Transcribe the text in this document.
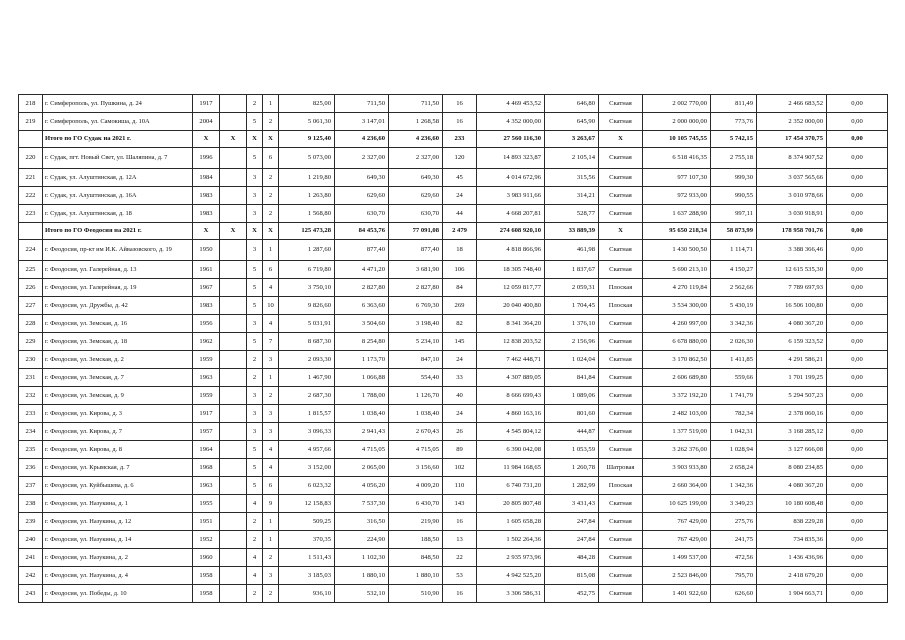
218	г. Симферополь, ул. Пушкина, д. 24	1917		2	1	825,00	711,50	711,50	16	4 469 453,52	646,80	Скатная	2 002 770,00	811,49	2 466 683,52	0,00
219	г. Симферополь, ул. Самокиша, д. 10А	2004		5	2	5 061,30	3 147,01	1 268,58	16	4 352 000,00	645,90	Скатная	2 000 000,00	773,76	2 352 000,00	0,00
	Итого по ГО Судак на 2021 г.	X	X	X	X	9 125,40	4 236,60	4 236,60	233	27 560 116,30	3 263,67	X	10 105 745,55	5 742,15	17 454 370,75	0,00
220	г. Судак, пгт. Новый Свет, ул. Шаляпина, д. 7	1996		5	6	5 073,00	2 327,00	2 327,00	120	14 893 323,87	2 105,14	Скатная	6 518 416,35	2 755,18	8 374 907,52	0,00
221	г. Судак, ул. Алуштинская, д. 12А	1984		3	2	1 219,80	649,30	649,30	45	4 014 672,96	315,56	Скатная	977 107,30	999,30	3 037 565,66	0,00
222	г. Судак, ул. Алуштинская, д. 16А	1983		3	2	1 263,80	629,60	629,60	24	3 983 911,66	314,21	Скатная	972 933,00	990,55	3 010 978,66	0,00
223	г. Судак, ул. Алуштинская, д. 18	1983		3	2	1 568,80	630,70	630,70	44	4 668 207,81	528,77	Скатная	1 637 288,90	997,11	3 030 918,91	0,00
	Итого по ГО Феодосия на 2021 г.	X	X	X	X	125 473,28	84 453,76	77 091,08	2 479	274 608 920,10	33 889,39	X	95 650 218,34	58 873,99	178 958 701,76	0,00
224	г. Феодосия, пр-кт им И.К. Айвазовского, д. 19	1950		3	1	1 287,60	877,40	877,40	18	4 818 866,96	461,98	Скатная	1 430 500,50	1 114,71	3 388 366,46	0,00
225	г. Феодосия, ул. Галерейная, д. 13	1961		5	6	6 719,80	4 471,20	3 681,90	106	18 305 748,40	1 837,67	Скатная	5 690 213,10	4 150,27	12 615 535,30	0,00
226	г. Феодосия, ул. Галерейная, д. 19	1967		5	4	3 750,10	2 827,80	2 827,80	84	12 059 817,77	2 059,31	Плоская	4 270 119,84	2 562,66	7 789 697,93	0,00
227	г. Феодосия, ул. Дружбы, д. 42	1983		5	10	9 826,60	6 363,60	6 769,30	269	20 040 400,80	1 704,45	Плоская	3 534 300,00	5 430,19	16 506 100,80	0,00
228	г. Феодосия, ул. Земская, д. 16	1956		3	4	5 031,91	3 504,60	3 198,40	82	8 341 364,20	1 376,10	Скатная	4 260 997,00	3 342,36	4 080 367,20	0,00
229	г. Феодосия, ул. Земская, д. 18	1962		5	7	8 687,30	8 254,80	5 234,10	145	12 838 203,52	2 156,96	Скатная	6 678 880,00	2 026,30	6 159 323,52	0,00
230	г. Феодосия, ул. Земская, д. 2	1959		2	3	2 093,30	1 173,70	847,10	24	7 462 448,71	1 024,04	Скатная	3 170 862,50	1 411,85	4 291 586,21	0,00
231	г. Феодосия, ул. Земская, д. 7	1963		2	1	1 467,90	1 066,88	554,40	33	4 307 889,05	841,84	Скатная	2 606 689,80	559,66	1 701 199,25	0,00
232	г. Феодосия, ул. Земская, д. 9	1959		3	2	2 687,30	1 788,00	1 126,70	40	8 666 699,43	1 089,06	Скатная	3 372 192,20	1 741,79	5 294 507,23	0,00
233	г. Феодосия, ул. Кирова, д. 3	1917		3	3	1 815,57	1 038,40	1 038,40	24	4 860 163,16	801,60	Скатная	2 482 103,00	782,34	2 378 060,16	0,00
234	г. Феодосия, ул. Кирова, д. 7	1957		3	3	3 096,33	2 941,43	2 670,43	26	4 545 804,12	444,87	Скатная	1 377 519,00	1 042,31	3 168 285,12	0,00
235	г. Феодосия, ул. Кирова, д. 8	1964		5	4	4 957,66	4 715,05	4 715,05	89	6 390 042,08	1 053,59	Скатная	3 262 376,00	1 028,94	3 127 666,08	0,00
236	г. Феодосия, ул. Крымская, д. 7	1968		5	4	3 152,00	2 065,00	3 156,60	102	11 984 168,65	1 260,78	Шатровая	3 903 933,80	2 658,24	8 080 234,85	0,00
237	г. Феодосия, ул. Куйбышева, д. 6	1963		5	6	6 023,32	4 056,20	4 009,20	110	6 740 731,20	1 282,99	Плоская	2 660 364,00	1 342,36	4 080 367,20	0,00
238	г. Феодосия, ул. Назукина, д. 1	1955		4	9	12 158,83	7 537,30	6 430,70	143	20 805 807,48	3 431,43	Скатная	10 625 199,00	3 349,23	10 180 608,48	0,00
239	г. Феодосия, ул. Назукина, д. 12	1951		2	1	509,25	316,50	219,90	16	1 605 658,28	247,84	Скатная	767 429,00	275,76	838 229,28	0,00
240	г. Феодосия, ул. Назукина, д. 14	1952		2	1	370,35	224,90	188,50	13	1 502 264,36	247,84	Скатная	767 429,00	241,75	734 835,36	0,00
241	г. Феодосия, ул. Назукина, д. 2	1960		4	2	1 511,43	1 102,30	848,50	22	2 935 973,96	484,28	Скатная	1 499 537,00	472,56	1 436 436,96	0,00
242	г. Феодосия, ул. Назукина, д. 4	1958		4	3	3 185,03	1 880,10	1 880,10	53	4 942 525,20	815,08	Скатная	2 523 846,00	795,70	2 418 679,20	0,00
243	г. Феодосия, ул. Победы, д. 10	1958		2	2	936,10	532,10	510,90	16	3 306 586,31	452,75	Скатная	1 401 922,60	626,60	1 904 663,71	0,00
